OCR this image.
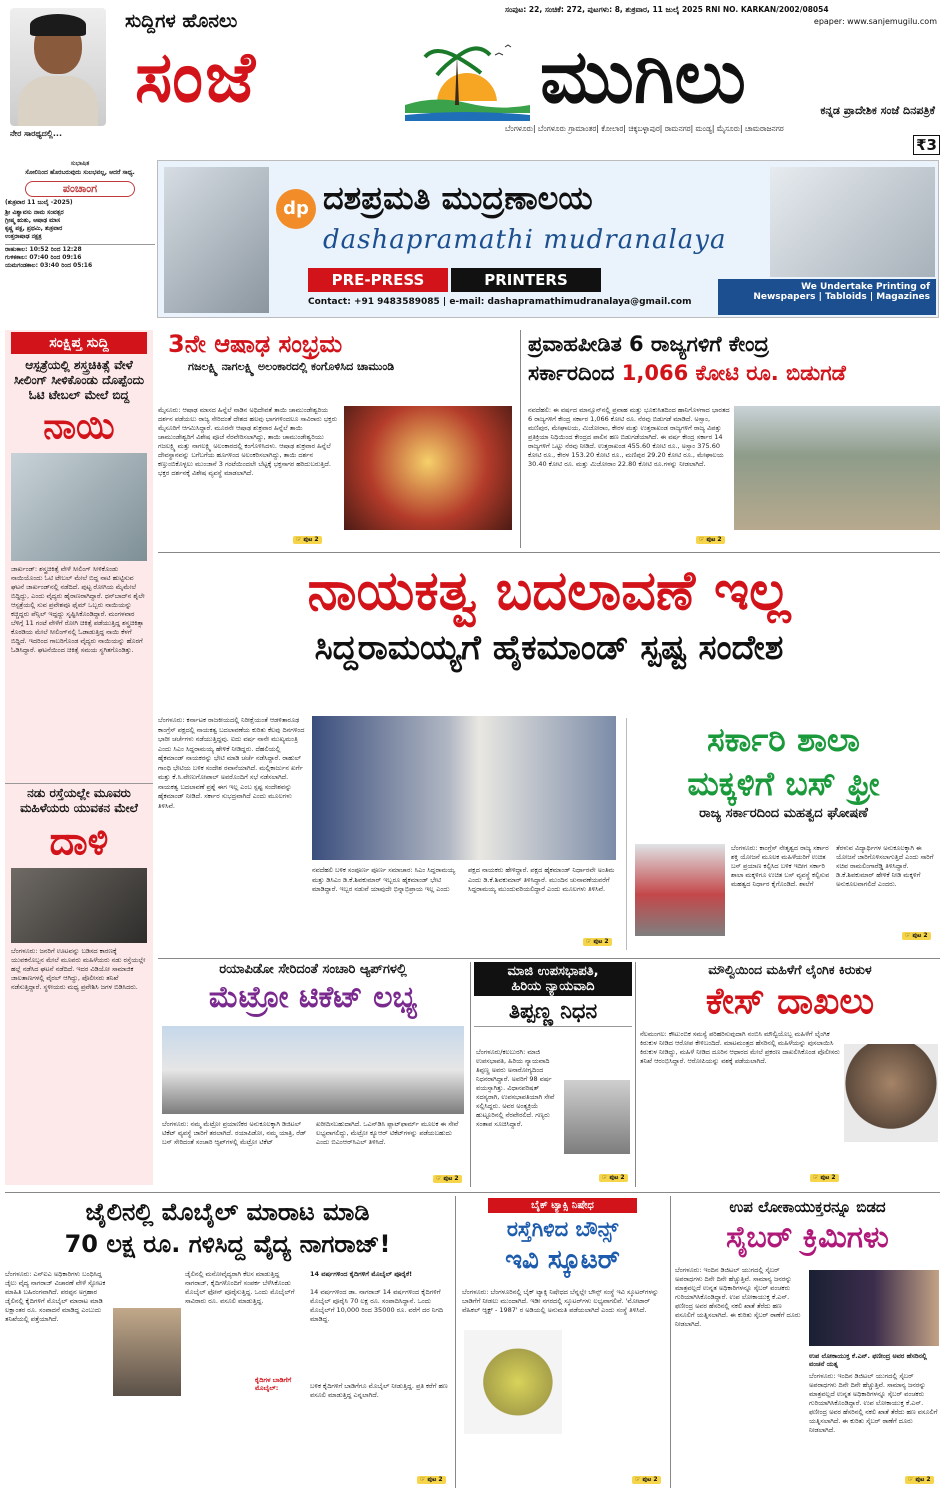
ನೇರ ಸಾರಥ್ಯದಲ್ಲಿ...
ಸುದ್ದಿಗಳ ಹೊನಲು
ಸಂಜೆ	ಮುಗಿಲು
ಸಂಪುಟ: 22, ಸಂಚಿಕೆ: 272, ಪುಟಗಳು: 8, ಶುಕ್ರವಾರ, 11 ಜುಲೈ 2025 RNI NO. KARKAN/2002/08054
epaper: www.sanjemugilu.com
ಕನ್ನಡ ಪ್ರಾದೇಶಿಕ ಸಂಜೆ ದಿನಪತ್ರಿಕೆ
ಬೆಂಗಳೂರು| ಬೆಂಗಳೂರು ಗ್ರಾಮಾಂತರ| ಕೋಲಾರ| ಚಿಕ್ಕಬಳ್ಳಾಪುರ| ರಾಮನಗರ| ಮಂಡ್ಯ| ಮೈಸೂರು| ಚಾಮರಾಜನಗರ
₹3
ಸುಭಾಷಿತ
ಸೋಲಿನಿಂದ ಹೊರಬರುವುದು ಸುಲಭವಲ್ಲ, ಆದರೆ ಸಾಧ್ಯ.
ಪಂಚಾಂಗ
(ಶುಕ್ರವಾರ 11 ಜುಲೈ -2025)
ಶ್ರೀ ವಿಶ್ವಾವಸು ನಾಮ ಸಂವತ್ಸರ
ಗ್ರೀಷ್ಮ ಋತು, ಆಷಾಢ ಮಾಸ
ಕೃಷ್ಣ ಪಕ್ಷ, ಪ್ರಥಮಿ, ಶುಕ್ರವಾರ
ಉತ್ತರಾಷಾಢ ನಕ್ಷತ್ರ
ರಾಹುಕಾಲ: 10:52 ರಿಂದ 12:28
ಗುಳಿಕಕಾಲ: 07:40 ರಿಂದ 09:16
ಯಮಗಂಡಕಾಲ: 03:40 ರಿಂದ 05:16
dp ದಶಪ್ರಮತಿ ಮುದ್ರಣಾಲಯ
dashapramathi mudranalaya
PRE-PRESS	PRINTERS
Contact: +91 9483589085 | e-mail: dashapramathimudranalaya@gmail.com
We Undertake Printing of
Newspapers | Tabloids | Magazines
ಸಂಕ್ಷಿಪ್ತ ಸುದ್ದಿ
ಆಸ್ಪತ್ರೆಯಲ್ಲಿ ಶಸ್ತ್ರಚಿಕಿತ್ಸೆ ವೇಳೆ ಸೀಲಿಂಗ್ ಸೀಳಿಕೊಂಡು ದೊಪ್ಪೆಂದು ಓಟಿ ಟೇಬಲ್ ಮೇಲೆ ಬಿದ್ದ
ನಾಯಿ
ಜಾರ್ಖಂಡ್: ಶಸ್ತ್ರಚಿಕಿತ್ಸೆ ವೇಳೆ ಸೀಲಿಂಗ್ ಸೀಳಿಕೊಂಡು ನಾಯಿಯೊಂದು ಓಟಿ ಟೇಬಲ್ ಮೇಲೆ ಬಿದ್ದ ನಾಟಿ ಹುಟ್ಟಿಸುವ ಘಟನೆ ಜಾರ್ಖಂಡ್‌ನಲ್ಲಿ ನಡೆದಿದೆ. ಪುಟ್ಟ ರೋಗಿಯ ಮೈಮೇಲೆ ಬಿದ್ದಿದ್ದು, ಎಂದು ವೈದ್ಯರು ಹೈರಾಣರಾಗಿದ್ದಾರೆ. ಧನ್‌ಬಾದ್‌ನ ಶೈಲೇ ಆಸ್ಪತ್ರೆಯಲ್ಲಿ ಸುವ ಪ್ರವೇಶವೂ ಫೈಮ್ ಒಬ್ಬರು ನಾಯಿಯನ್ನು ಕಚ್ಚಿದ್ದರು ಪೆನ್ಸಿಲ್ ಇದ್ದದ್ದು ಸೃಷ್ಟಿಸಿಕೊಂಡಿದ್ದಾರೆ. ಮಂಗಳವಾರ ಬೆಳಿಗ್ಗೆ 11 ಗಂಟೆ ವೇಳೆಗೆ ರೋಗಿ ಚಿಕಿತ್ಸೆ ಪಡೆಯುತ್ತಿದ್ದ ಶಸ್ತ್ರಚಿಕಿತ್ಸಾ ಕೊಠಡಿಯ ಮೇಲೆ ಸೀಲಿಂಗ್‌ನಲ್ಲಿ ಓಡಾಡುತ್ತಿದ್ದ ನಾಯಿ ಕೆಳಗೆ ಬಿದ್ದಿದೆ. ಇದರಿಂದ ಗಾಬರಿಗೊಂಡ ವೈದ್ಯರು ನಾಯಿಯನ್ನು ಹೊರಗೆ ಓಡಿಸಿದ್ದಾರೆ. ಘಟನೆಯಿಂದ ಚಿಕಿತ್ಸೆ ಸಮಯ ಸ್ಥಗಿತಗೊಂಡಿತ್ತು.
ನಡು ರಸ್ತೆಯಲ್ಲೇ ಮೂವರು ಮಹಿಳೆಯರು ಯುವಕನ ಮೇಲೆ
ದಾಳಿ
ಬೆಂಗಳೂರು: ಜನರಿಗೆ ಊಟವನ್ನು ಬಡಿಸದ ಕಾರಣಕ್ಕೆ ಯುವಕನೊಬ್ಬನ ಮೇಲೆ ಮೂವರು ಮಹಿಳೆಯರು ನಡು ರಸ್ತೆಯಲ್ಲೇ ಹಲ್ಲೆ ನಡೆಸಿದ ಘಟನೆ ನಡೆದಿದೆ. ಇದರ ವಿಡಿಯೋ ಸಾಮಾಜಿಕ ಜಾಲತಾಣಗಳಲ್ಲಿ ವೈರಲ್ ಆಗಿದ್ದು, ಪೊಲೀಸರು ತನಿಖೆ ನಡೆಸುತ್ತಿದ್ದಾರೆ. ಸ್ಥಳೀಯರು ಮಧ್ಯ ಪ್ರವೇಶಿಸಿ ಜಗಳ ಬಿಡಿಸಿದರು.
3ನೇ ಆಷಾಢ ಸಂಭ್ರಮ
ಗಜಲಕ್ಷ್ಮಿ ನಾಗಲಕ್ಷ್ಮಿ ಅಲಂಕಾರದಲ್ಲಿ ಕಂಗೊಳಿಸಿದ ಚಾಮುಂಡಿ
ಮೈಸೂರು: ಆಷಾಢ ಮಾಸದ ಹಿನ್ನೆಲೆ ನಾಡಿನ ಅಧಿದೇವತೆ ತಾಯಿ ಚಾಮುಂಡೇಶ್ವರಿಯ ದರ್ಶನ ಪಡೆಯಲು ರಾಜ್ಯ ಸೇರಿದಂತೆ ದೇಶದ ಹಲವು ಭಾಗಗಳಿಂದಲೂ ಸಾವಿರಾರು ಭಕ್ತರು ಮೈಸೂರಿಗೆ ಆಗಮಿಸಿದ್ದಾರೆ. ಮೂರನೇ ಆಷಾಢ ಶುಕ್ರವಾರ ಹಿನ್ನೆಲೆ ತಾಯಿ ಚಾಮುಂಡೇಶ್ವರಿಗೆ ವಿಶೇಷ ಪೂಜೆ ನೆರವೇರಿಸಲಾಗಿದ್ದು, ತಾಯಿ ಚಾಮುಂಡೇಶ್ವರಿಯು ಗಜಲಕ್ಷ್ಮಿ ಮತ್ತು ನಾಗಲಕ್ಷ್ಮಿ ಅಲಂಕಾರದಲ್ಲಿ ಕಂಗೊಳಿಸಿದಳು. ಆಷಾಢ ಶುಕ್ರವಾರ ಹಿನ್ನೆಲೆ ದೇವಸ್ಥಾನವನ್ನು ಬಗೆಬಗೆಯ ಹೂಗಳಿಂದ ಅಲಂಕರಿಸಲಾಗಿದ್ದು, ತಾಯಿ ದರ್ಶನ ಕಣ್ತುಂಬಿಕೊಳ್ಳಲು ಮುಂಜಾನೆ 3 ಗಂಟೆಯಿಂದಲೇ ಬೆಟ್ಟಕ್ಕೆ ಭಕ್ತಸಾಗರ ಹರಿದುಬರುತ್ತಿದೆ. ಭಕ್ತರ ದರ್ಶನಕ್ಕೆ ವಿಶೇಷ ವ್ಯವಸ್ಥೆ ಮಾಡಲಾಗಿದೆ.
☞ ಪುಟ 2
ಪ್ರವಾಹಪೀಡಿತ 6 ರಾಜ್ಯಗಳಿಗೆ ಕೇಂದ್ರ
ಸರ್ಕಾರದಿಂದ 1,066 ಕೋಟಿ ರೂ. ಬಿಡುಗಡೆ
ನವದೆಹಲಿ: ಈ ವರ್ಷದ ಮಾನ್ಸೂನ್‌ನಲ್ಲಿ ಪ್ರವಾಹ ಮತ್ತು ಭೂಕುಸಿತದಿಂದ ಹಾನಿಗೊಳಗಾದ ಭಾರತದ 6 ರಾಜ್ಯಗಳಿಗೆ ಕೇಂದ್ರ ಸರ್ಕಾರ 1,066 ಕೋಟಿ ರೂ. ನೆರವು ಬಿಡುಗಡೆ ಮಾಡಿದೆ. ಅಸ್ಸಾಂ, ಮಣಿಪುರ, ಮೇಘಾಲಯ, ಮಿಜೋರಾಂ, ಕೇರಳ ಮತ್ತು ಉತ್ತರಾಖಂಡ ರಾಜ್ಯಗಳಿಗೆ ರಾಜ್ಯ ವಿಪತ್ತು ಪ್ರತಿಕ್ರಿಯಾ ನಿಧಿಯಿಂದ ಕೇಂದ್ರದ ಪಾಲಿನ ಹಣ ಬಿಡುಗಡೆಯಾಗಿದೆ. ಈ ವರ್ಷ ಕೇಂದ್ರ ಸರ್ಕಾರ 14 ರಾಜ್ಯಗಳಿಗೆ ಒಟ್ಟು ನೆರವು ನೀಡಿದೆ. ಉತ್ತರಾಖಂಡ 455.60 ಕೋಟಿ ರೂ., ಅಸ್ಸಾಂ 375.60 ಕೋಟಿ ರೂ., ಕೇರಳ 153.20 ಕೋಟಿ ರೂ., ಮಣಿಪುರ 29.20 ಕೋಟಿ ರೂ., ಮೇಘಾಲಯ 30.40 ಕೋಟಿ ರೂ. ಮತ್ತು ಮಿಜೋರಾಂ 22.80 ಕೋಟಿ ರೂ.ಗಳನ್ನು ನೀಡಲಾಗಿದೆ.
☞ ಪುಟ 2
ನಾಯಕತ್ವ ಬದಲಾವಣೆ ಇಲ್ಲ
ಸಿದ್ದರಾಮಯ್ಯಗೆ ಹೈಕಮಾಂಡ್ ಸ್ಪಷ್ಟ ಸಂದೇಶ
ಬೆಂಗಳೂರು: ಕರ್ನಾಟಕ ರಾಜಕೀಯದಲ್ಲಿ ನಿರೀಕ್ಷೆಯಂತೆ ಆಡಳಿತಾರೂಢ ಕಾಂಗ್ರೆಸ್ ಪಕ್ಷದಲ್ಲಿ ನಾಯಕತ್ವ ಬದಲಾವಣೆಯ ಕುರಿತು ಕೆಲವು ದಿನಗಳಿಂದ ಭಾರೀ ಚರ್ಚೆಗಳು ನಡೆಯುತ್ತಿದ್ದವು. ಐದು ವರ್ಷ ನಾನೇ ಮುಖ್ಯಮಂತ್ರಿ ಎಂದು ಸಿಎಂ ಸಿದ್ದರಾಮಯ್ಯ ಹೇಳಿಕೆ ನೀಡಿದ್ದರು. ದೆಹಲಿಯಲ್ಲಿ ಹೈಕಮಾಂಡ್ ನಾಯಕರನ್ನು ಭೇಟಿ ಮಾಡಿ ಚರ್ಚೆ ನಡೆಸಿದ್ದಾರೆ. ರಾಹುಲ್ ಗಾಂಧಿ ಭೇಟಿಯ ಬಳಿಕ ಸಂದೇಶ ರವಾನೆಯಾಗಿದೆ. ಮಲ್ಲಿಕಾರ್ಜುನ ಖರ್ಗೆ ಮತ್ತು ಕೆ.ಸಿ.ವೇಣುಗೋಪಾಲ್ ಅವರೊಂದಿಗೆ ಸಭೆ ನಡೆಸಲಾಗಿದೆ. ನಾಯಕತ್ವ ಬದಲಾವಣೆ ಪ್ರಶ್ನೆ ಈಗ ಇಲ್ಲ ಎಂಬ ಸ್ಪಷ್ಟ ಸಂದೇಶವನ್ನು ಹೈಕಮಾಂಡ್ ನೀಡಿದೆ. ಸರ್ಕಾರ ಸುಭದ್ರವಾಗಿದೆ ಎಂದು ಮೂಲಗಳು ತಿಳಿಸಿವೆ.
ನವದೆಹಲಿ ಬಳಿಕ ಸಂಪೂರ್ಣ ಪೂರ್ಣ ಸಮಾಚಾರ: ಸಿಎಂ ಸಿದ್ದರಾಮಯ್ಯ ಮತ್ತು ಡಿಸಿಎಂ ಡಿ.ಕೆ.ಶಿವಕುಮಾರ್ ಇಬ್ಬರೂ ಹೈಕಮಾಂಡ್ ಭೇಟಿ ಮಾಡಿದ್ದಾರೆ. ಇಬ್ಬರ ನಡುವೆ ಯಾವುದೇ ಭಿನ್ನಾಭಿಪ್ರಾಯ ಇಲ್ಲ ಎಂದು ಪಕ್ಷದ ನಾಯಕರು ಹೇಳಿದ್ದಾರೆ. ಪಕ್ಷದ ಹೈಕಮಾಂಡ್ ನಿರ್ಧಾರವೇ ಅಂತಿಮ ಎಂದು ಡಿ.ಕೆ.ಶಿವಕುಮಾರ್ ತಿಳಿಸಿದ್ದಾರೆ. ಮುಂದಿನ ಚುನಾವಣೆಯವರೆಗೆ ಸಿದ್ದರಾಮಯ್ಯ ಮುಂದುವರಿಯಲಿದ್ದಾರೆ ಎಂದು ಮೂಲಗಳು ತಿಳಿಸಿವೆ.
☞ ಪುಟ 2
ಸರ್ಕಾರಿ ಶಾಲಾ
ಮಕ್ಕಳಿಗೆ ಬಸ್ ಫ್ರೀ
ರಾಜ್ಯ ಸರ್ಕಾರದಿಂದ ಮಹತ್ವದ ಘೋಷಣೆ
ಬೆಂಗಳೂರು: ಕಾಂಗ್ರೆಸ್ ನೇತೃತ್ವದ ರಾಜ್ಯ ಸರ್ಕಾರ ಶಕ್ತಿ ಯೋಜನೆ ಮೂಲಕ ಮಹಿಳೆಯರಿಗೆ ಉಚಿತ ಬಸ್ ಪ್ರಯಾಣ ಕಲ್ಪಿಸಿದ ಬಳಿಕ ಇದೀಗ ಸರ್ಕಾರಿ ಶಾಲಾ ಮಕ್ಕಳಿಗೂ ಉಚಿತ ಬಸ್ ವ್ಯವಸ್ಥೆ ಕಲ್ಪಿಸುವ ಮಹತ್ವದ ನಿರ್ಧಾರ ಕೈಗೊಂಡಿದೆ. ಶಾಲೆಗೆ ತೆರಳುವ ವಿದ್ಯಾರ್ಥಿಗಳ ಅನುಕೂಲಕ್ಕಾಗಿ ಈ ಯೋಜನೆ ಜಾರಿಗೊಳಿಸಲಾಗುತ್ತಿದೆ ಎಂದು ಸಾರಿಗೆ ಸಚಿವ ರಾಮಲಿಂಗಾರೆಡ್ಡಿ ತಿಳಿಸಿದ್ದಾರೆ. ಡಿ.ಕೆ.ಶಿವಕುಮಾರ್ ಹೇಳಿಕೆ ನೀಡಿ ಮಕ್ಕಳಿಗೆ ಅನುಕೂಲವಾಗಲಿದೆ ಎಂದರು.
☞ ಪುಟ 2
ರಯಾಪಿಡೋ ಸೇರಿದಂತೆ ಸಂಚಾರಿ ಆ್ಯಪ್‌ಗಳಲ್ಲಿ
ಮೆಟ್ರೋ ಟಿಕೆಟ್ ಲಭ್ಯ
ಬೆಂಗಳೂರು: ನಮ್ಮ ಮೆಟ್ರೋ ಪ್ರಯಾಣಿಕರ ಅನುಕೂಲಕ್ಕಾಗಿ ಡಿಜಿಟಲ್ ಟಿಕೆಟ್ ವ್ಯವಸ್ಥೆ ಜಾರಿಗೆ ತರಲಾಗಿದೆ. ರಯಾಪಿಡೋ, ನಮ್ಮ ಯಾತ್ರಿ, ರೆಡ್ ಬಸ್ ಸೇರಿದಂತೆ ಸಂಚಾರಿ ಆ್ಯಪ್‌ಗಳಲ್ಲಿ ಮೆಟ್ರೋ ಟಿಕೆಟ್ ಖರೀದಿಸಬಹುದಾಗಿದೆ. ಒಎನ್‌ಡಿಸಿ ಪ್ಲಾಟ್‌ಫಾರ್ಮ್ ಮೂಲಕ ಈ ಸೇವೆ ಲಭ್ಯವಾಗಲಿದ್ದು, ಮೆಟ್ರೋ ಕ್ಯೂಆರ್ ಟಿಕೆಟ್‌ಗಳನ್ನು ಪಡೆಯಬಹುದು ಎಂದು ಬಿಎಂಆರ್‌ಸಿಎಲ್ ತಿಳಿಸಿದೆ.
☞ ಪುಟ 2
ಮಾಜಿ ಉಪಸಭಾಪತಿ,
ಹಿರಿಯ ನ್ಯಾಯವಾದಿ
ತಿಪ್ಪಣ್ಣ ನಿಧನ
ಬೆಂಗಳೂರು/ಕಲಬುರಗಿ: ಮಾಜಿ ಉಪಸಭಾಪತಿ, ಹಿರಿಯ ನ್ಯಾಯವಾದಿ ತಿಪ್ಪಣ್ಣ ಅವರು ಅನಾರೋಗ್ಯದಿಂದ ನಿಧನರಾಗಿದ್ದಾರೆ. ಅವರಿಗೆ 98 ವರ್ಷ ವಯಸ್ಸಾಗಿತ್ತು. ವಿಧಾನಪರಿಷತ್ ಸದಸ್ಯರಾಗಿ, ಉಪಸಭಾಪತಿಯಾಗಿ ಸೇವೆ ಸಲ್ಲಿಸಿದ್ದರು. ಅವರ ಅಂತ್ಯಕ್ರಿಯೆ ಹುಟ್ಟೂರಿನಲ್ಲಿ ನೆರವೇರಲಿದೆ. ಗಣ್ಯರು ಸಂತಾಪ ಸೂಚಿಸಿದ್ದಾರೆ.
☞ ಪುಟ 2
ಮೌಲ್ವಿಯಿಂದ ಮಹಿಳೆಗೆ ಲೈಂಗಿಕ ಕಿರುಕುಳ
ಕೇಸ್ ದಾಖಲು
ನೆಲಮಂಗಲ: ಕೌಟುಂಬಿಕ ಸಮಸ್ಯೆ ಪರಿಹರಿಸುವುದಾಗಿ ನಂಬಿಸಿ ಮೌಲ್ವಿಯೊಬ್ಬ ಮಹಿಳೆಗೆ ಲೈಂಗಿಕ ಕಿರುಕುಳ ನೀಡಿದ ಆರೋಪ ಕೇಳಿಬಂದಿದೆ. ಮಾಟಮಂತ್ರದ ಹೆಸರಿನಲ್ಲಿ ಮಹಿಳೆಯನ್ನು ಪುಸಲಾಯಿಸಿ ಕಿರುಕುಳ ನೀಡಿದ್ದು, ಮಹಿಳೆ ನೀಡಿದ ದೂರಿನ ಆಧಾರದ ಮೇಲೆ ಪ್ರಕರಣ ದಾಖಲಿಸಿಕೊಂಡ ಪೊಲೀಸರು ತನಿಖೆ ಆರಂಭಿಸಿದ್ದಾರೆ. ಆರೋಪಿಯನ್ನು ವಶಕ್ಕೆ ಪಡೆಯಲಾಗಿದೆ.
☞ ಪುಟ 2
ಜೈಲಿನಲ್ಲಿ ಮೊಬೈಲ್ ಮಾರಾಟ ಮಾಡಿ
70 ಲಕ್ಷ ರೂ. ಗಳಿಸಿದ್ದ ವೈದ್ಯ ನಾಗರಾಜ್!
ಬೆಂಗಳೂರು: ಎನ್‌ಐಎ ಅಧಿಕಾರಿಗಳು ಬಂಧಿಸಿದ್ದ ಜೈಲು ವೈದ್ಯ ನಾಗರಾಜ್ ವಿಚಾರಣೆ ವೇಳೆ ಸ್ಫೋಟಕ ಮಾಹಿತಿ ಬಹಿರಂಗವಾಗಿದೆ. ಪರಪ್ಪನ ಅಗ್ರಹಾರ ಜೈಲಿನಲ್ಲಿ ಕೈದಿಗಳಿಗೆ ಮೊಬೈಲ್ ಮಾರಾಟ ಮಾಡಿ ಲಕ್ಷಾಂತರ ರೂ. ಸಂಪಾದನೆ ಮಾಡಿದ್ದ ಎಂಬುದು ತನಿಖೆಯಲ್ಲಿ ಪತ್ತೆಯಾಗಿದೆ.
ಜೈಲಿನಲ್ಲಿ ಮನೋವೈದ್ಯರಾಗಿ ಕೆಲಸ ಮಾಡುತ್ತಿದ್ದ ನಾಗರಾಜ್, ಕೈದಿಗಳೊಂದಿಗೆ ಸಂಪರ್ಕ ಬೆಳೆಸಿಕೊಂಡು ಮೊಬೈಲ್ ಫೋನ್ ಪೂರೈಸುತ್ತಿದ್ದ. ಒಂದು ಮೊಬೈಲ್‌ಗೆ ಸಾವಿರಾರು ರೂ. ವಸೂಲಿ ಮಾಡುತ್ತಿದ್ದ.
14 ವರ್ಷಗಳಿಂದ ಕೈದಿಗಳಿಗೆ ಮೊಬೈಲ್ ಪೂರೈಕೆ!
14 ವರ್ಷಗಳಿಂದ ಡಾ. ನಾಗರಾಜ್ 14 ವರ್ಷಗಳಿಂದ ಕೈದಿಗಳಿಗೆ ಮೊಬೈಲ್ ಪೂರೈಸಿ 70 ಲಕ್ಷ ರೂ. ಸಂಪಾದಿಸಿದ್ದಾನೆ. ಒಂದು ಮೊಬೈಲ್‌ಗೆ 10,000 ರಿಂದ 35000 ರೂ. ವರೆಗೆ ದರ ನಿಗದಿ ಮಾಡಿದ್ದ.
ಕೈದಿಗಳ ಬಾಡಿಗೆಗೆ ಮೊಬೈಲ್:	ಬಳಿಕ ಕೈದಿಗಳಿಗೆ ಬಾಡಿಗೆಗೂ ಮೊಬೈಲ್ ನೀಡುತ್ತಿದ್ದ. ಪ್ರತಿ ಕರೆಗೆ ಹಣ ವಸೂಲಿ ಮಾಡುತ್ತಿದ್ದ ಎನ್ನಲಾಗಿದೆ.
☞ ಪುಟ 2
ಬೈಕ್ ಟ್ಯಾಕ್ಸಿ ನಿಷೇಧ
ರಸ್ತೆಗಿಳಿದ ಬೌನ್ಸ್
ಇವಿ ಸ್ಕೂಟರ್
ಬೆಂಗಳೂರು: ಬೆಂಗಳೂರಿನಲ್ಲಿ ಬೈಕ್ ಟ್ಯಾಕ್ಸಿ ನಿಷೇಧದ ಬೆನ್ನಲ್ಲೇ ಬೌನ್ಸ್ ಸಂಸ್ಥೆ ಇವಿ ಸ್ಕೂಟರ್‌ಗಳನ್ನು ಬಾಡಿಗೆಗೆ ನೀಡಲು ಮುಂದಾಗಿದೆ. ಇಡೀ ನಗರದಲ್ಲಿ ಸ್ಕೂಟರ್‌ಗಳು ಲಭ್ಯವಾಗಲಿವೆ. 'ಮೋಟಾರ್ ವೆಹಿಕಲ್ ಆ್ಯಕ್ಟ್ - 1987' ರ ಅಡಿಯಲ್ಲಿ ಅನುಮತಿ ಪಡೆಯಲಾಗಿದೆ ಎಂದು ಸಂಸ್ಥೆ ತಿಳಿಸಿದೆ.
☞ ಪುಟ 2
ಉಪ ಲೋಕಾಯುಕ್ತರನ್ನೂ ಬಿಡದ
ಸೈಬರ್ ಕ್ರಿಮಿಗಳು
ಬೆಂಗಳೂರು: ಇಂದಿನ ಡಿಜಿಟಲ್ ಯುಗದಲ್ಲಿ ಸೈಬರ್ ಅಪರಾಧಗಳು ದಿನೇ ದಿನೇ ಹೆಚ್ಚುತ್ತಿವೆ. ಸಾಮಾನ್ಯ ಜನರನ್ನು ಮಾತ್ರವಲ್ಲದೆ ಉನ್ನತ ಅಧಿಕಾರಿಗಳನ್ನೂ ಸೈಬರ್ ವಂಚಕರು ಗುರಿಯಾಗಿಸಿಕೊಂಡಿದ್ದಾರೆ. ಉಪ ಲೋಕಾಯುಕ್ತ ಕೆ.ಎನ್. ಫಣೀಂದ್ರ ಅವರ ಹೆಸರಿನಲ್ಲಿ ನಕಲಿ ಖಾತೆ ತೆರೆದು ಹಣ ವಸೂಲಿಗೆ ಯತ್ನಿಸಲಾಗಿದೆ. ಈ ಕುರಿತು ಸೈಬರ್ ಠಾಣೆಗೆ ದೂರು ನೀಡಲಾಗಿದೆ.
ಉಪ ಲೋಕಾಯುಕ್ತ ಕೆ.ಎನ್. ಫಣೀಂದ್ರ ಅವರ ಹೆಸರಿನಲ್ಲಿ ವಂಚನೆ ಯತ್ನ
ಬೆಂಗಳೂರು: ಇಂದಿನ ಡಿಜಿಟಲ್ ಯುಗದಲ್ಲಿ ಸೈಬರ್ ಅಪರಾಧಗಳು ದಿನೇ ದಿನೇ ಹೆಚ್ಚುತ್ತಿವೆ. ಸಾಮಾನ್ಯ ಜನರನ್ನು ಮಾತ್ರವಲ್ಲದೆ ಉನ್ನತ ಅಧಿಕಾರಿಗಳನ್ನೂ ಸೈಬರ್ ವಂಚಕರು ಗುರಿಯಾಗಿಸಿಕೊಂಡಿದ್ದಾರೆ. ಉಪ ಲೋಕಾಯುಕ್ತ ಕೆ.ಎನ್. ಫಣೀಂದ್ರ ಅವರ ಹೆಸರಿನಲ್ಲಿ ನಕಲಿ ಖಾತೆ ತೆರೆದು ಹಣ ವಸೂಲಿಗೆ ಯತ್ನಿಸಲಾಗಿದೆ. ಈ ಕುರಿತು ಸೈಬರ್ ಠಾಣೆಗೆ ದೂರು ನೀಡಲಾಗಿದೆ.
☞ ಪುಟ 2
